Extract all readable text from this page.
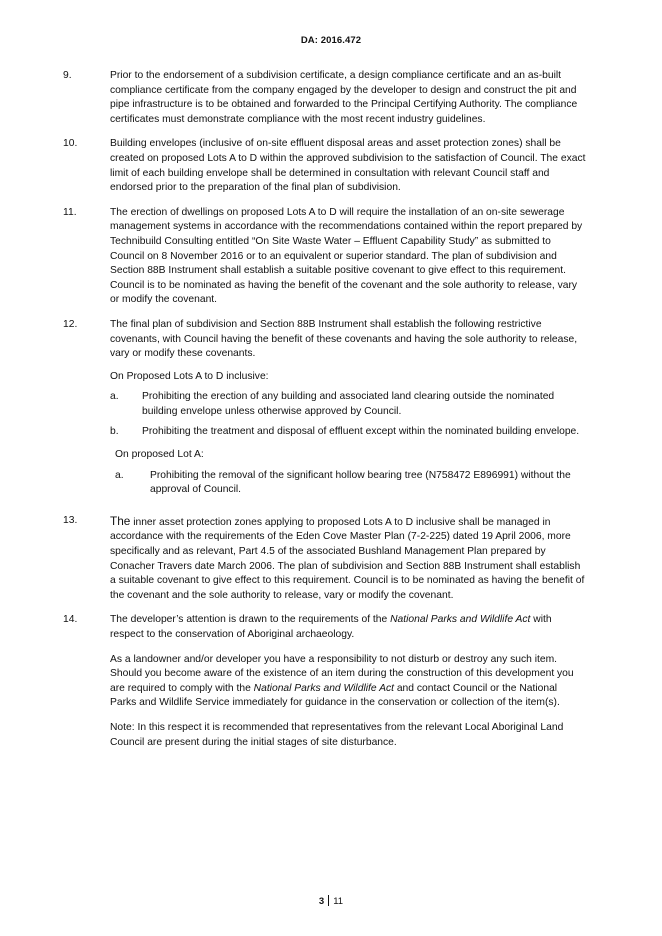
DA: 2016.472
9.	Prior to the endorsement of a subdivision certificate, a design compliance certificate and an as-built compliance certificate from the company engaged by the developer to design and construct the pit and pipe infrastructure is to be obtained and forwarded to the Principal Certifying Authority. The compliance certificates must demonstrate compliance with the most recent industry guidelines.

10.	Building envelopes (inclusive of on-site effluent disposal areas and asset protection zones) shall be created on proposed Lots A to D within the approved subdivision to the satisfaction of Council. The exact limit of each building envelope shall be determined in consultation with relevant Council staff and endorsed prior to the preparation of the final plan of subdivision.

11.	The erection of dwellings on proposed Lots A to D will require the installation of an on-site sewerage management systems in accordance with the recommendations contained within the report prepared by Technibuild Consulting entitled “On Site Waste Water – Effluent Capability Study” as submitted to Council on 8 November 2016 or to an equivalent or superior standard. The plan of subdivision and Section 88B Instrument shall establish a suitable positive covenant to give effect to this requirement. Council is to be nominated as having the benefit of the covenant and the sole authority to release, vary or modify the covenant.

12.	The final plan of subdivision and Section 88B Instrument shall establish the following restrictive covenants, with Council having the benefit of these covenants and having the sole authority to release, vary or modify these covenants.

On Proposed Lots A to D inclusive:

a.	Prohibiting the erection of any building and associated land clearing outside the nominated building envelope unless otherwise approved by Council.
b.	Prohibiting the treatment and disposal of effluent except within the nominated building envelope.

On proposed Lot A:

a.	Prohibiting the removal of the significant hollow bearing tree (N758472 E896991) without the approval of Council.
13.	The inner asset protection zones applying to proposed Lots A to D inclusive shall be managed in accordance with the requirements of the Eden Cove Master Plan (7-2-225) dated 19 April 2006, more specifically and as relevant, Part 4.5 of the associated Bushland Management Plan prepared by Conacher Travers date March 2006. The plan of subdivision and Section 88B Instrument shall establish a suitable covenant to give effect to this requirement. Council is to be nominated as having the benefit of the covenant and the sole authority to release, vary or modify the covenant.

14.	The developer’s attention is drawn to the requirements of the National Parks and Wildlife Act with respect to the conservation of Aboriginal archaeology.

As a landowner and/or developer you have a responsibility to not disturb or destroy any such item. Should you become aware of the existence of an item during the construction of this development you are required to comply with the National Parks and Wildlife Act and contact Council or the National Parks and Wildlife Service immediately for guidance in the conservation or collection of the item(s).

Note: In this respect it is recommended that representatives from the relevant Local Aboriginal Land Council are present during the initial stages of site disturbance.

3 11
